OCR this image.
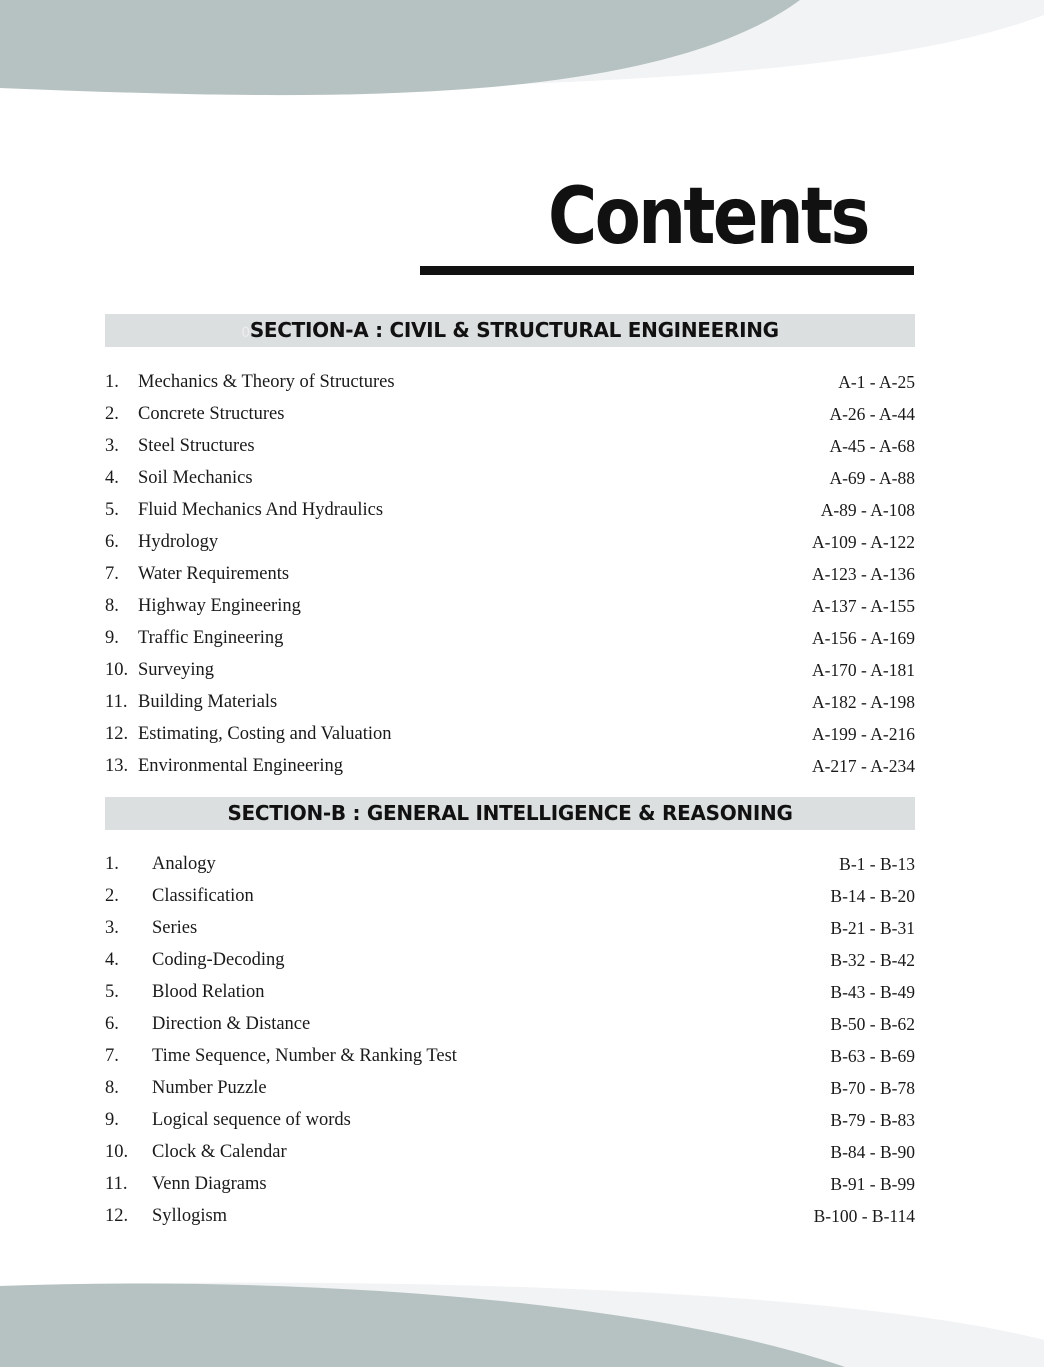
Contents
0SECTION-A : CIVIL & STRUCTURAL ENGINEERING
1. Mechanics & Theory of Structures	A-1 - A-25
2. Concrete Structures	A-26 - A-44
3. Steel Structures	A-45 - A-68
4. Soil Mechanics	A-69 - A-88
5. Fluid Mechanics And Hydraulics	A-89 - A-108
6. Hydrology	A-109 - A-122
7. Water Requirements	A-123 - A-136
8. Highway Engineering	A-137 - A-155
9. Traffic Engineering	A-156 - A-169
10. Surveying	A-170 - A-181
11. Building Materials	A-182 - A-198
12. Estimating, Costing and Valuation	A-199 - A-216
13. Environmental Engineering	A-217 - A-234
SECTION-B : GENERAL INTELLIGENCE & REASONING
1. Analogy	B-1 - B-13
2. Classification	B-14 - B-20
3. Series	B-21 - B-31
4. Coding-Decoding	B-32 - B-42
5. Blood Relation	B-43 - B-49
6. Direction & Distance	B-50 - B-62
7. Time Sequence, Number & Ranking Test	B-63 - B-69
8. Number Puzzle	B-70 - B-78
9. Logical sequence of words	B-79 - B-83
10. Clock & Calendar	B-84 - B-90
11. Venn Diagrams	B-91 - B-99
12. Syllogism	B-100 - B-114
